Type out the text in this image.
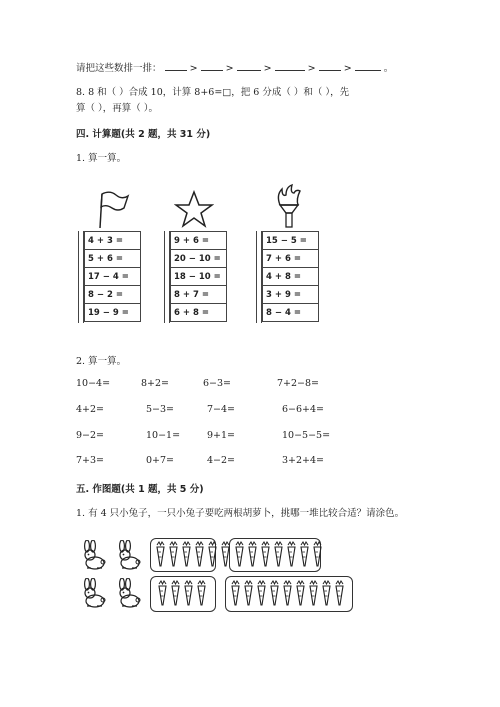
请把这些数排一排：	>	>	>	>	>	。
8. 8 和（ ）合成 10，计算 8+6=□，把 6 分成（ ）和（ ），先
算（ ），再算（ ）。
四. 计算题(共 2 题，共 31 分)
1. 算一算。
4 + 3 =
5 + 6 =
17 − 4 =
8 − 2 =
19 − 9 =
9 + 6 =
20 − 10 =
18 − 10 =
8 + 7 =
6 + 8 =
15 − 5 =
7 + 6 =
4 + 8 =
3 + 9 =
8 − 4 =
2. 算一算。
10−4=	8+2=	6−3=	7+2−8=
4+2=	5−3=	7−4=	6−6+4=
9−2=	10−1=	9+1=	10−5−5=
7+3=	0+7=	4−2=	3+2+4=
五. 作图题(共 1 题，共 5 分)
1. 有 4 只小兔子，一只小兔子要吃两根胡萝卜，挑哪一堆比较合适？请涂色。
